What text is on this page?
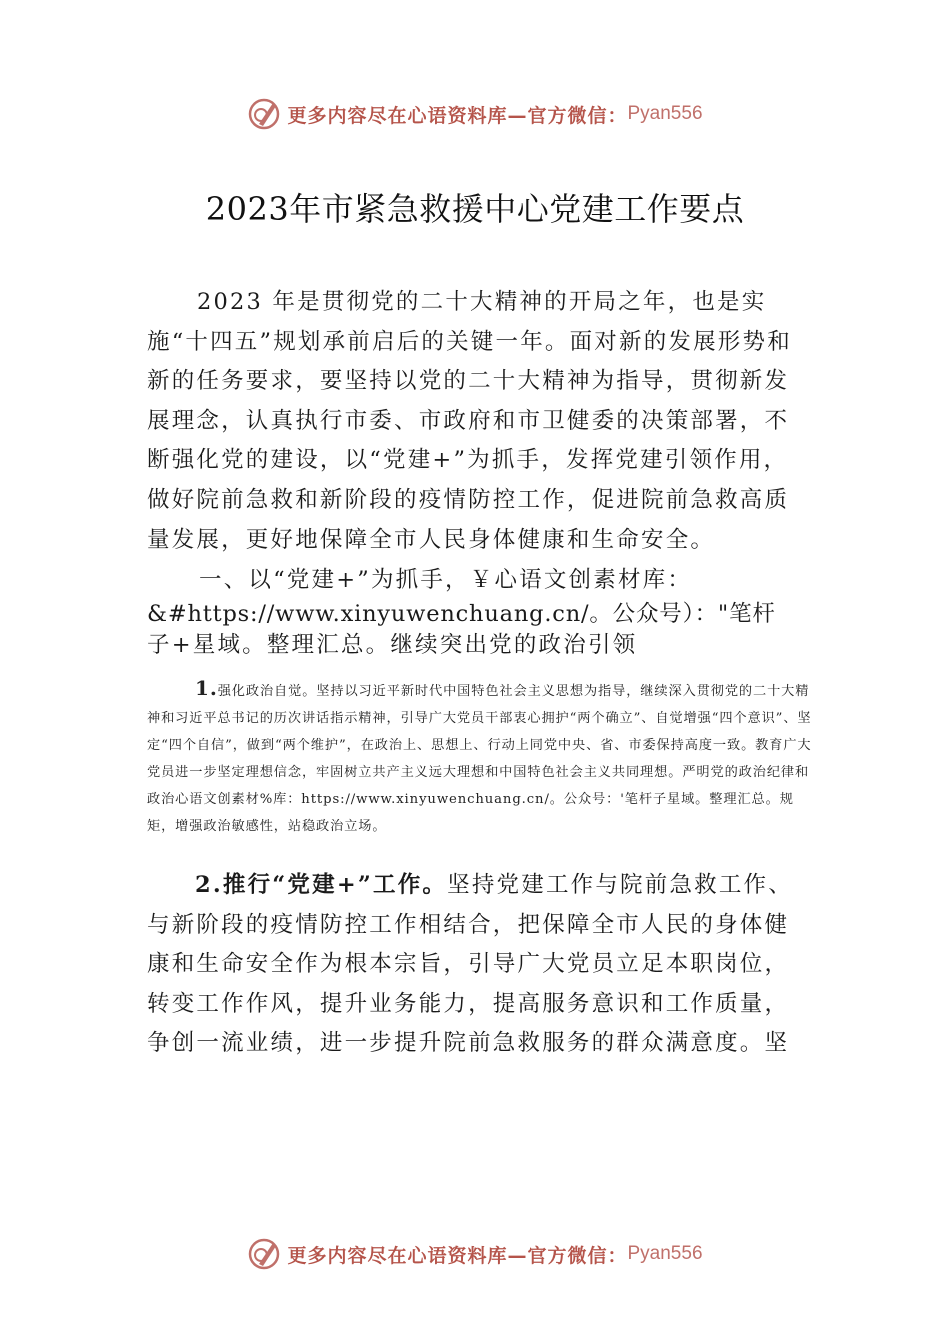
更多内容尽在心语资料库—官方微信： Pyan556
2023年市紧急救援中心党建工作要点
2023 年是贯彻党的二十大精神的开局之年，也是实施“十四五”规划承前启后的关键一年。面对新的发展形势和新的任务要求，要坚持以党的二十大精神为指导，贯彻新发展理念，认真执行市委、市政府和市卫健委的决策部署，不断强化党的建设，以“党建+”为抓手，发挥党建引领作用，做好院前急救和新阶段的疫情防控工作，促进院前急救高质量发展，更好地保障全市人民身体健康和生命安全。
一、以“党建+”为抓手，￥心语文创素材库：
&#https://www.xinyuwenchuang.cn/。公众号）："笔杆
子+星域。整理汇总。继续突出党的政治引领
1.强化政治自觉。坚持以习近平新时代中国特色社会主义思想为指导，继续深入贯彻党的二十大精神和习近平总书记的历次讲话指示精神，引导广大党员干部衷心拥护“两个确立”、自觉增强“四个意识”、坚定“四个自信”，做到“两个维护”，在政治上、思想上、行动上同党中央、省、市委保持高度一致。教育广大党员进一步坚定理想信念，牢固树立共产主义远大理想和中国特色社会主义共同理想。严明党的政治纪律和政治心语文创素材%库：https://www.xinyuwenchuang.cn/。公众号：'笔杆子星域。整理汇总。规矩，增强政治敏感性，站稳政治立场。
2.推行“党建+”工作。坚持党建工作与院前急救工作、与新阶段的疫情防控工作相结合，把保障全市人民的身体健康和生命安全作为根本宗旨，引导广大党员立足本职岗位， 转变工作作风，提升业务能力，提高服务意识和工作质量， 争创一流业绩，进一步提升院前急救服务的群众满意度。坚
更多内容尽在心语资料库—官方微信： Pyan556
